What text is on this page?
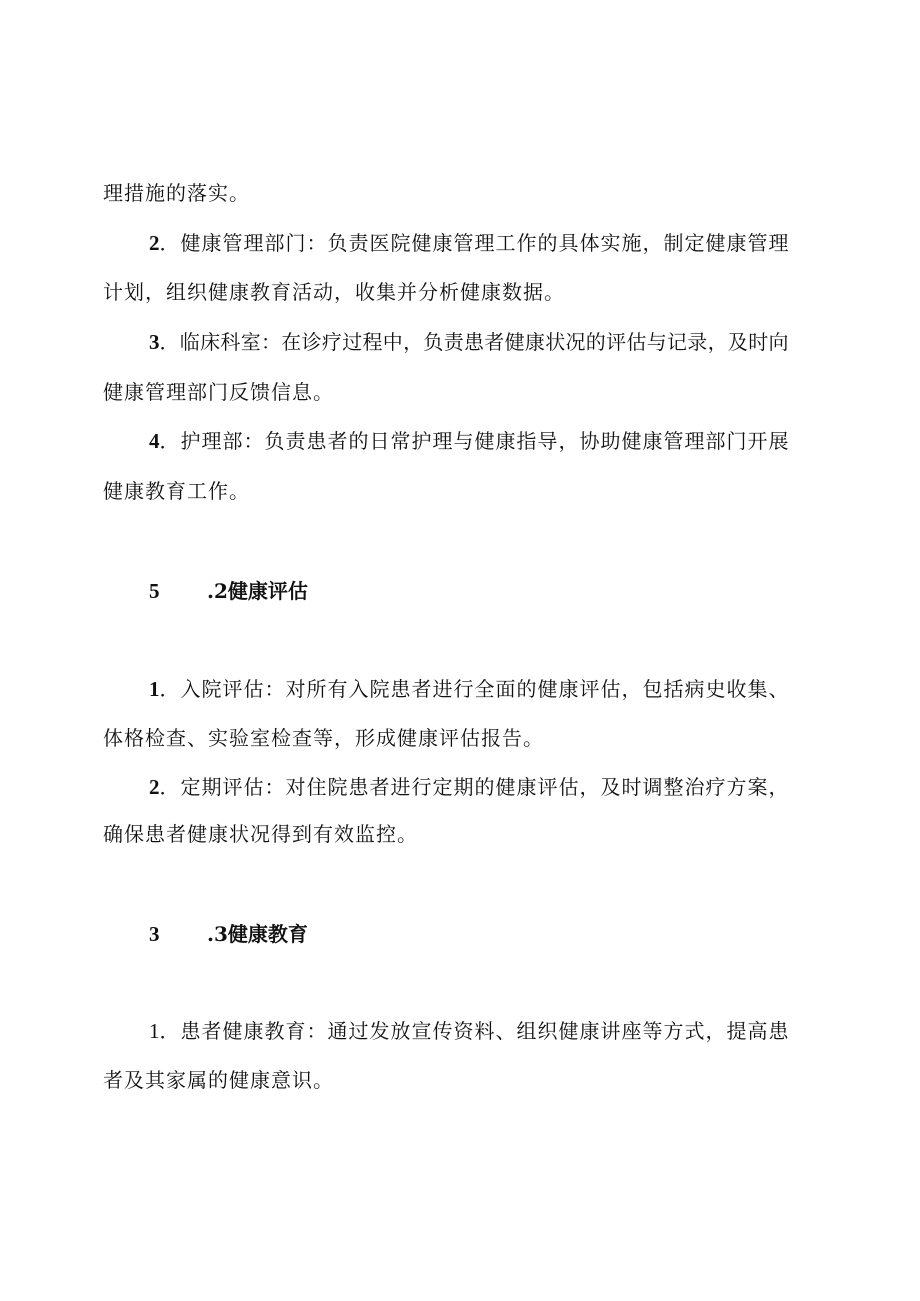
理措施的落实。
2．健康管理部门：负责医院健康管理工作的具体实施，制定健康管理
计划，组织健康教育活动，收集并分析健康数据。
3．临床科室：在诊疗过程中，负责患者健康状况的评估与记录，及时向
健康管理部门反馈信息。
4．护理部：负责患者的日常护理与健康指导，协助健康管理部门开展
健康教育工作。
5 .2健康评估
1．入院评估：对所有入院患者进行全面的健康评估，包括病史收集、
体格检查、实验室检查等，形成健康评估报告。
2．定期评估：对住院患者进行定期的健康评估，及时调整治疗方案，
确保患者健康状况得到有效监控。
3 .3健康教育
1．患者健康教育：通过发放宣传资料、组织健康讲座等方式，提高患
者及其家属的健康意识。
